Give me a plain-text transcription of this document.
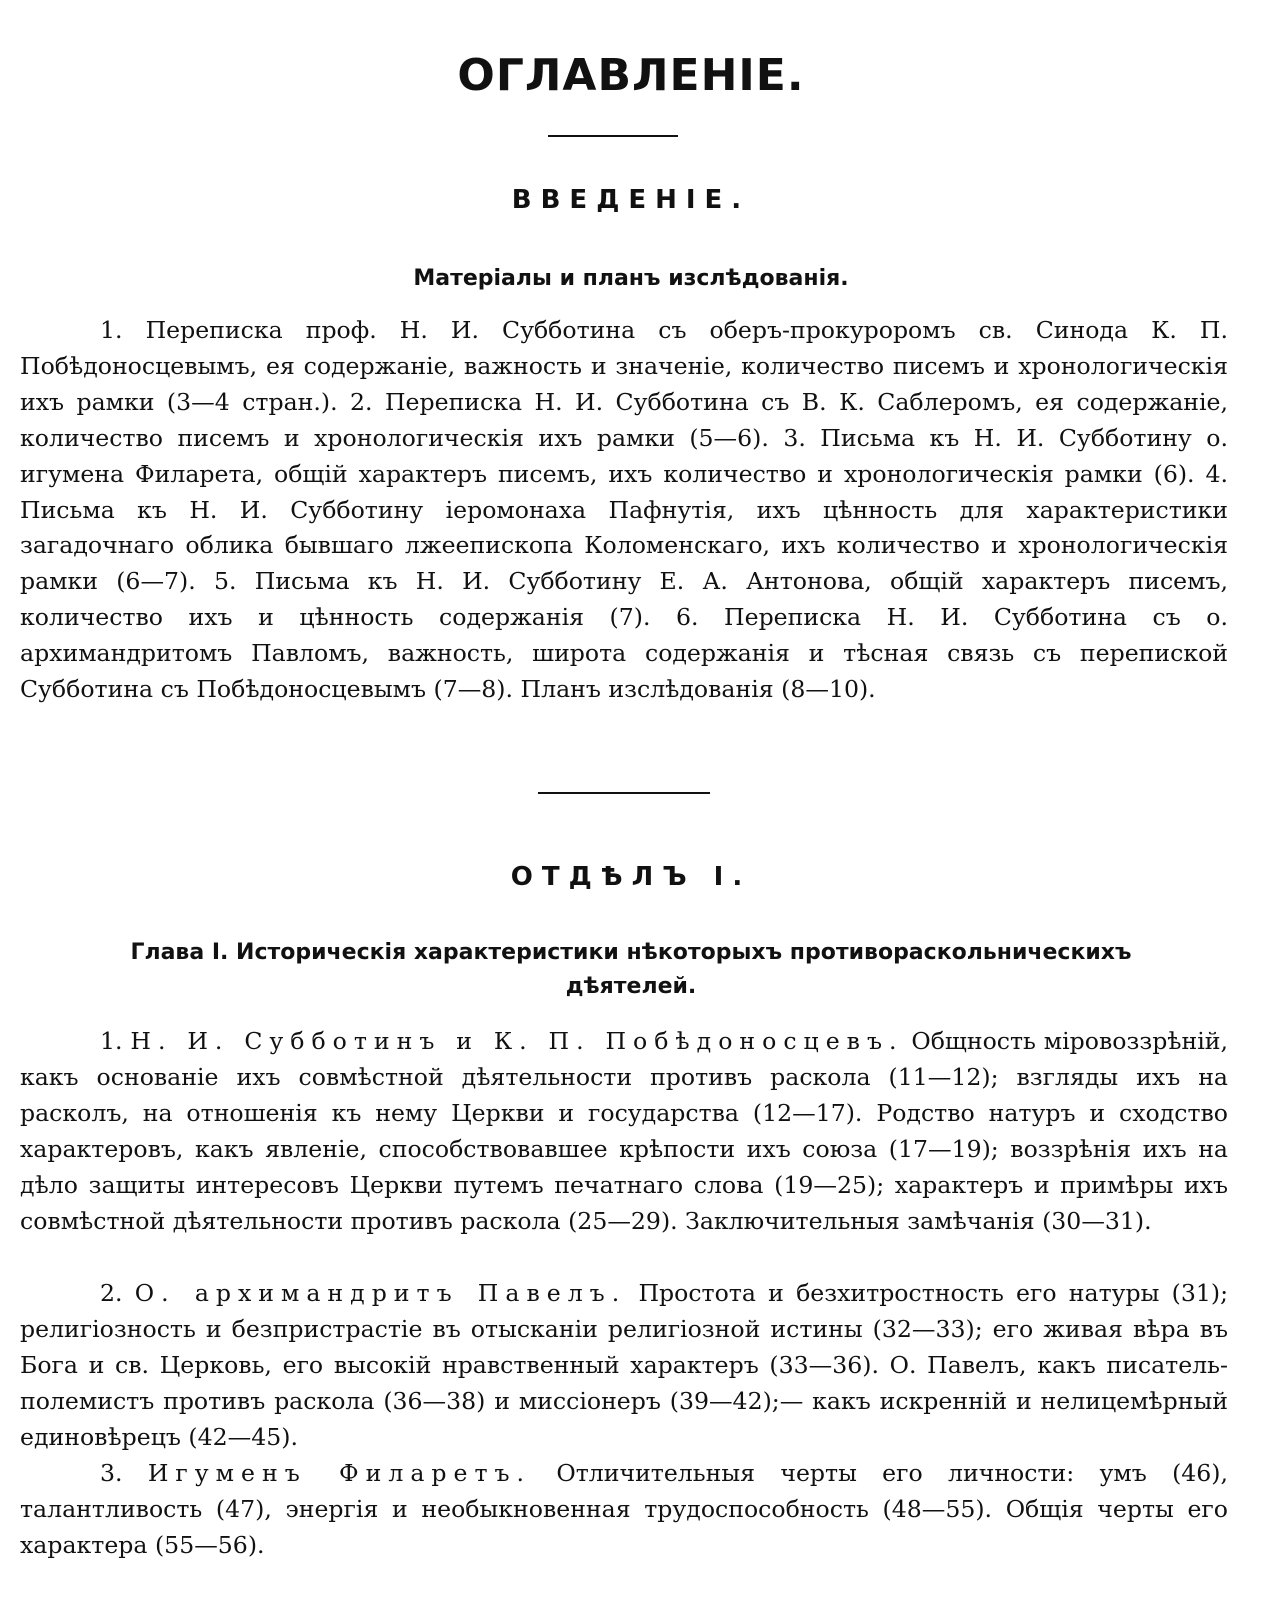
ОГЛАВЛЕНІЕ.
ВВЕДЕНІЕ.
Матеріалы и планъ изслѣдованія.

1. Переписка проф. Н. И. Субботина съ оберъ-прокуроромъ св. Синода К. П. Побѣдоносцевымъ, ея содержаніе, важность и значеніе, количество писемъ и хронологическія ихъ рамки (3—4 стран.). 2. Переписка Н. И. Субботина съ В. К. Саблеромъ, ея содержаніе, количество писемъ и хронологическія ихъ рамки (5—6). 3. Письма къ Н. И. Субботину о. игумена Филарета, общій характеръ писемъ, ихъ количество и хронологическія рамки (6). 4. Письма къ Н. И. Субботину іеромонаха Пафнутія, ихъ цѣнность для характеристики загадочнаго облика бывшаго лжеепископа Коломенскаго, ихъ количество и хронологическія рамки (6—7). 5. Письма къ Н. И. Субботину Е. А. Антонова, общій характеръ писемъ, количество ихъ и цѣнность содержанія (7). 6. Переписка Н. И. Субботина съ о. архимандритомъ Павломъ, важность, широта содержанія и тѣсная связь съ перепиской Субботина съ Побѣдоносцевымъ (7—8). Планъ изслѣдованія (8—10).

ОТДѢЛЪ I.
Глава I. Историческія характеристики нѣкоторыхъ противораскольническихъ дѣятелей.

1. Н. И. Субботинъ и К. П. Побѣдоносцевъ. Общность міровоззрѣній, какъ основаніе ихъ совмѣстной дѣятельности противъ раскола (11—12); взгляды ихъ на расколъ, на отношенія къ нему Церкви и государства (12—17). Родство натуръ и сходство характеровъ, какъ явленіе, способствовавшее крѣпости ихъ союза (17—19); воззрѣнія ихъ на дѣло защиты интересовъ Церкви путемъ печатнаго слова (19—25); характеръ и примѣры ихъ совмѣстной дѣятельности противъ раскола (25—29). Заключительныя замѣчанія (30—31).

2. О. архимандритъ Павелъ. Простота и безхитростность его натуры (31); религіозность и безпристрастіе въ отысканіи религіозной истины (32—33); его живая вѣра въ Бога и св. Церковь, его высокій нравственный характеръ (33—36). О. Павелъ, какъ писатель-полемистъ противъ раскола (36—38) и миссіонеръ (39—42);— какъ искренній и нелицемѣрный единовѣрецъ (42—45).

3. Игуменъ Филаретъ. Отличительныя черты его личности: умъ (46), талантливость (47), энергія и необыкновенная трудоспособность (48—55). Общія черты его характера (55—56).
